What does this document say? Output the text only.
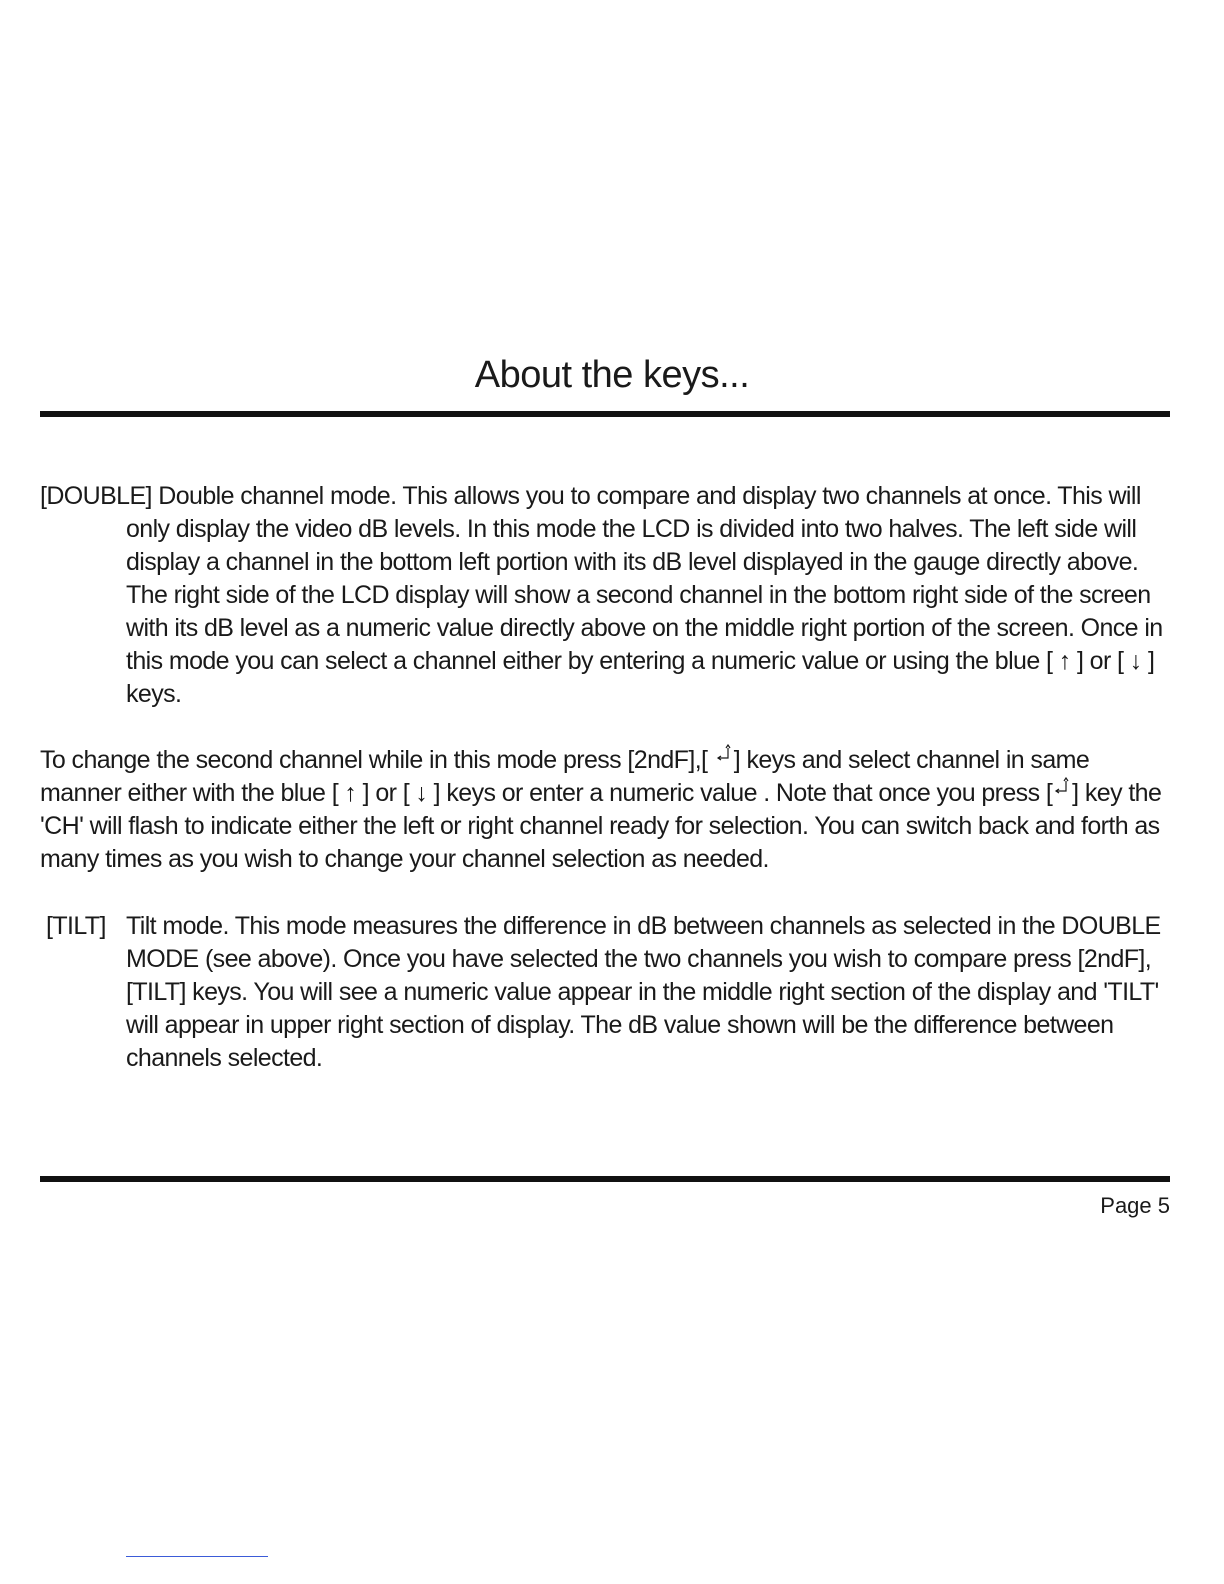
About the keys...

[DOUBLE] Double channel mode. This allows you to compare and display two channels at once. This will only display the video dB levels. In this mode the LCD is divided into two halves. The left side will display a channel in the bottom left portion with its dB level displayed in the gauge directly above. The right side of the LCD display will show a second channel in the bottom right side of the screen with its dB level as a numeric value directly above on the middle right portion of the screen. Once in this mode you can select a channel either by entering a numeric value or using the blue [ ↑ ] or [ ↓ ] keys.

To change the second channel while in this mode press [2ndF],[
] keys and select channel in same manner either with the blue [ ↑ ] or [ ↓ ] keys or enter a numeric value . Note that once you press [ ] key the 'CH' will flash to indicate either the left or right channel ready for selection. You can switch back and forth as many times as you wish to change your channel selection as needed.

[TILT] Tilt mode. This mode measures the difference in dB between channels as selected in the DOUBLE MODE (see above). Once you have selected the two channels you wish to compare press [2ndF],[TILT] keys. You will see a numeric value appear in the middle right section of the display and 'TILT' will appear in upper right section of display. The dB value shown will be the difference between channels selected.

Page 5
